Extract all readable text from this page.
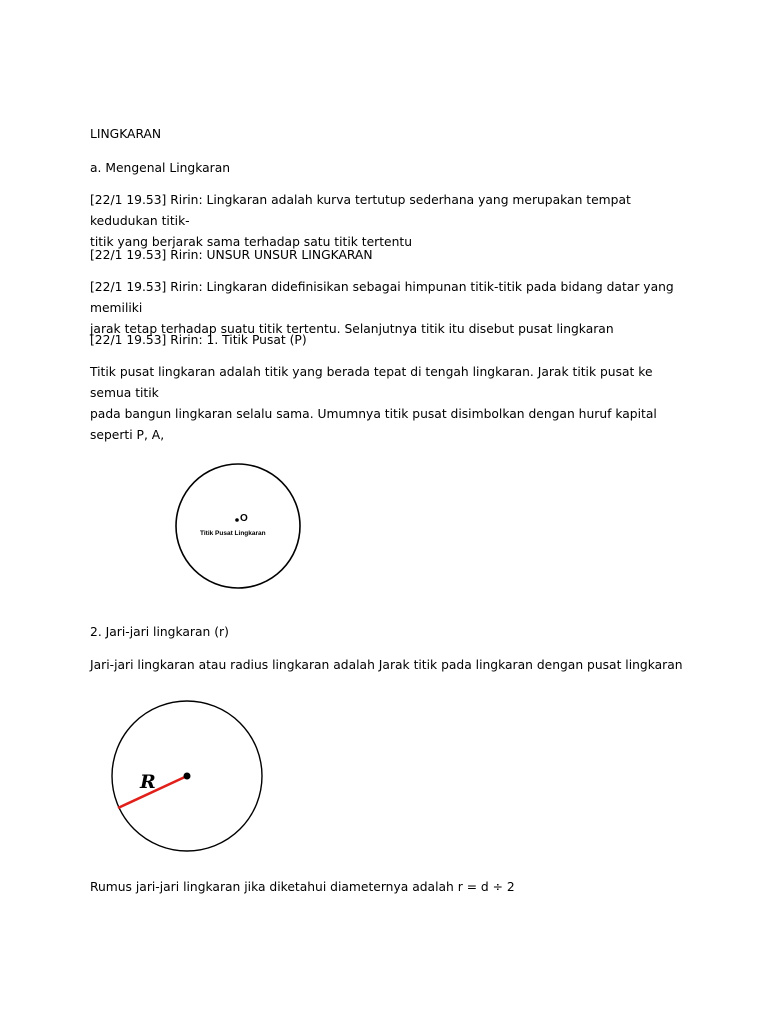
LINGKARAN

a. Mengenal Lingkaran

[22/1 19.53] Ririn: Lingkaran adalah kurva tertutup sederhana yang merupakan tempat kedudukan titik-
titik yang berjarak sama terhadap satu titik tertentu

[22/1 19.53] Ririn: UNSUR UNSUR LINGKARAN

[22/1 19.53] Ririn: Lingkaran didefinisikan sebagai himpunan titik-titik pada bidang datar yang memiliki
jarak tetap terhadap suatu titik tertentu. Selanjutnya titik itu disebut pusat lingkaran

[22/1 19.53] Ririn: 1. Titik Pusat (P)

Titik pusat lingkaran adalah titik yang berada tepat di tengah lingkaran. Jarak titik pusat ke semua titik
pada bangun lingkaran selalu sama. Umumnya titik pusat disimbolkan dengan huruf kapital seperti P, A,

O
Titik Pusat Lingkaran

2. Jari-jari lingkaran (r)

Jari-jari lingkaran atau radius lingkaran adalah Jarak titik pada lingkaran dengan pusat lingkaran

R

Rumus jari-jari lingkaran jika diketahui diameternya adalah r = d ÷ 2
